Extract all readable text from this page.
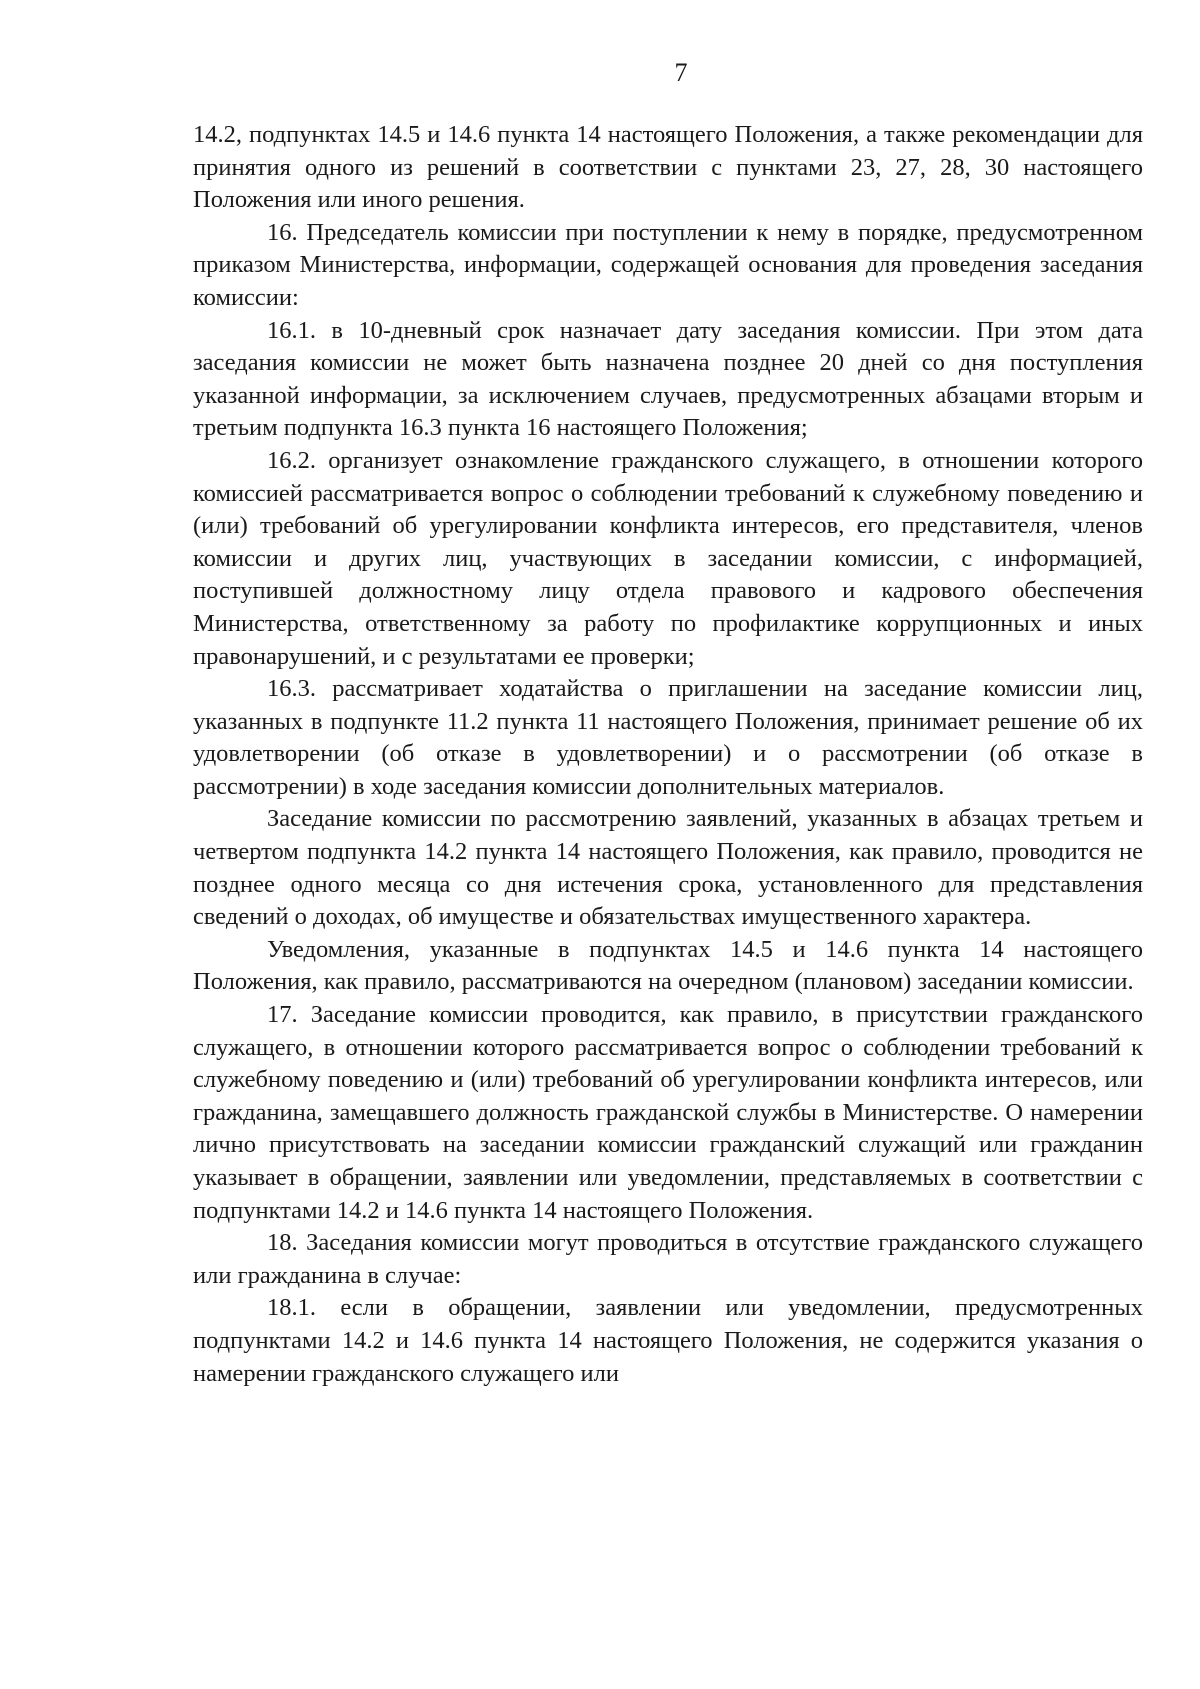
7

14.2, подпунктах 14.5 и 14.6 пункта 14 настоящего Положения, а также рекомендации для принятия одного из решений в соответствии с пунктами 23, 27, 28, 30 настоящего Положения или иного решения.

16. Председатель комиссии при поступлении к нему в порядке, предусмотренном приказом Министерства, информации, содержащей основания для проведения заседания комиссии:

16.1. в 10-дневный срок назначает дату заседания комиссии. При этом дата заседания комиссии не может быть назначена позднее 20 дней со дня поступления указанной информации, за исключением случаев, предусмотренных абзацами вторым и третьим подпункта 16.3 пункта 16 настоящего Положения;

16.2. организует ознакомление гражданского служащего, в отношении которого комиссией рассматривается вопрос о соблюдении требований к служебному поведению и (или) требований об урегулировании конфликта интересов, его представителя, членов комиссии и других лиц, участвующих в заседании комиссии, с информацией, поступившей должностному лицу отдела правового и кадрового обеспечения Министерства, ответственному за работу по профилактике коррупционных и иных правонарушений, и с результатами ее проверки;

16.3. рассматривает ходатайства о приглашении на заседание комиссии лиц, указанных в подпункте 11.2 пункта 11 настоящего Положения, принимает решение об их удовлетворении (об отказе в удовлетворении) и о рассмотрении (об отказе в рассмотрении) в ходе заседания комиссии дополнительных материалов.

Заседание комиссии по рассмотрению заявлений, указанных в абзацах третьем и четвертом подпункта 14.2 пункта 14 настоящего Положения, как правило, проводится не позднее одного месяца со дня истечения срока, установленного для представления сведений о доходах, об имуществе и обязательствах имущественного характера.

Уведомления, указанные в подпунктах 14.5 и 14.6 пункта 14 настоящего Положения, как правило, рассматриваются на очередном (плановом) заседании комиссии.

17. Заседание комиссии проводится, как правило, в присутствии гражданского служащего, в отношении которого рассматривается вопрос о соблюдении требований к служебному поведению и (или) требований об урегулировании конфликта интересов, или гражданина, замещавшего должность гражданской службы в Министерстве. О намерении лично присутствовать на заседании комиссии гражданский служащий или гражданин указывает в обращении, заявлении или уведомлении, представляемых в соответствии с подпунктами 14.2 и 14.6 пункта 14 настоящего Положения.

18. Заседания комиссии могут проводиться в отсутствие гражданского служащего или гражданина в случае:

18.1. если в обращении, заявлении или уведомлении, предусмотренных подпунктами 14.2 и 14.6 пункта 14 настоящего Положения, не содержится указания о намерении гражданского служащего или
